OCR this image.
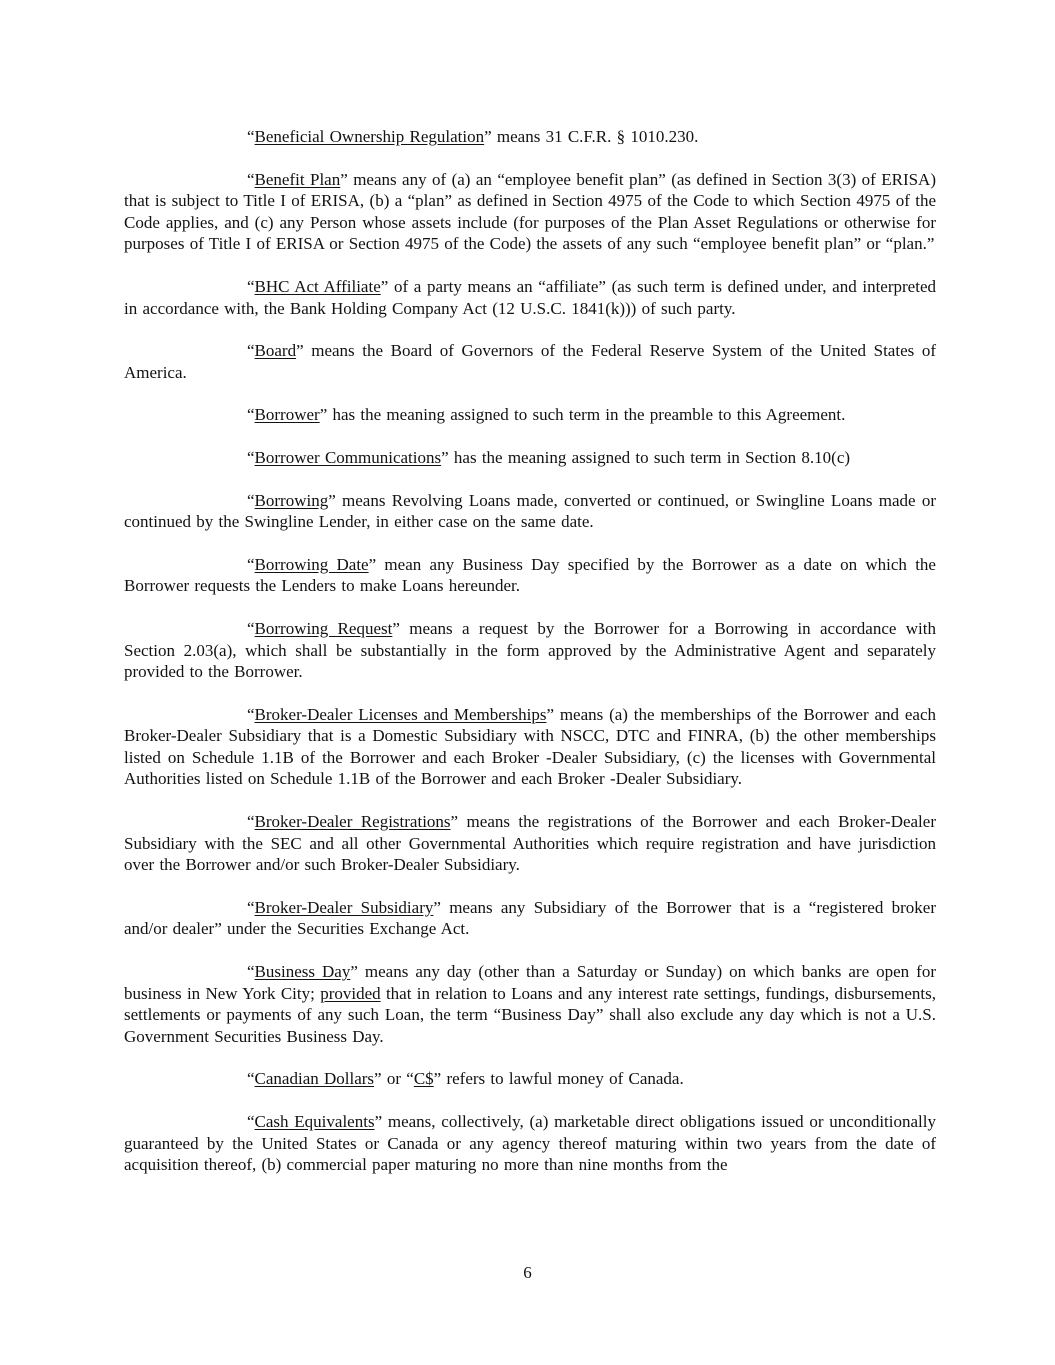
“Beneficial Ownership Regulation” means 31 C.F.R. § 1010.230.

“Benefit Plan” means any of (a) an “employee benefit plan” (as defined in Section 3(3) of ERISA) that is subject to Title I of ERISA, (b) a “plan” as defined in Section 4975 of the Code to which Section 4975 of the Code applies, and (c) any Person whose assets include (for purposes of the Plan Asset Regulations or otherwise for purposes of Title I of ERISA or Section 4975 of the Code) the assets of any such “employee benefit plan” or “plan.”

“BHC Act Affiliate” of a party means an “affiliate” (as such term is defined under, and interpreted in accordance with, the Bank Holding Company Act (12 U.S.C. 1841(k))) of such party.

“Board” means the Board of Governors of the Federal Reserve System of the United States of America.

“Borrower” has the meaning assigned to such term in the preamble to this Agreement.

“Borrower Communications” has the meaning assigned to such term in Section 8.10(c)

“Borrowing” means Revolving Loans made, converted or continued, or Swingline Loans made or continued by the Swingline Lender, in either case on the same date.

“Borrowing Date” mean any Business Day specified by the Borrower as a date on which the Borrower requests the Lenders to make Loans hereunder.

“Borrowing Request” means a request by the Borrower for a Borrowing in accordance with Section 2.03(a), which shall be substantially in the form approved by the Administrative Agent and separately provided to the Borrower.

“Broker-Dealer Licenses and Memberships” means (a) the memberships of the Borrower and each Broker-Dealer Subsidiary that is a Domestic Subsidiary with NSCC, DTC and FINRA, (b) the other memberships listed on Schedule 1.1B of the Borrower and each Broker -Dealer Subsidiary, (c) the licenses with Governmental Authorities listed on Schedule 1.1B of the Borrower and each Broker -Dealer Subsidiary.

“Broker-Dealer Registrations” means the registrations of the Borrower and each Broker-Dealer Subsidiary with the SEC and all other Governmental Authorities which require registration and have jurisdiction over the Borrower and/or such Broker-Dealer Subsidiary.

“Broker-Dealer Subsidiary” means any Subsidiary of the Borrower that is a “registered broker and/or dealer” under the Securities Exchange Act.

“Business Day” means any day (other than a Saturday or Sunday) on which banks are open for business in New York City; provided that in relation to Loans and any interest rate settings, fundings, disbursements, settlements or payments of any such Loan, the term “Business Day” shall also exclude any day which is not a U.S. Government Securities Business Day.

“Canadian Dollars” or “C$” refers to lawful money of Canada.

“Cash Equivalents” means, collectively, (a) marketable direct obligations issued or unconditionally guaranteed by the United States or Canada or any agency thereof maturing within two years from the date of acquisition thereof, (b) commercial paper maturing no more than nine months from the

6
